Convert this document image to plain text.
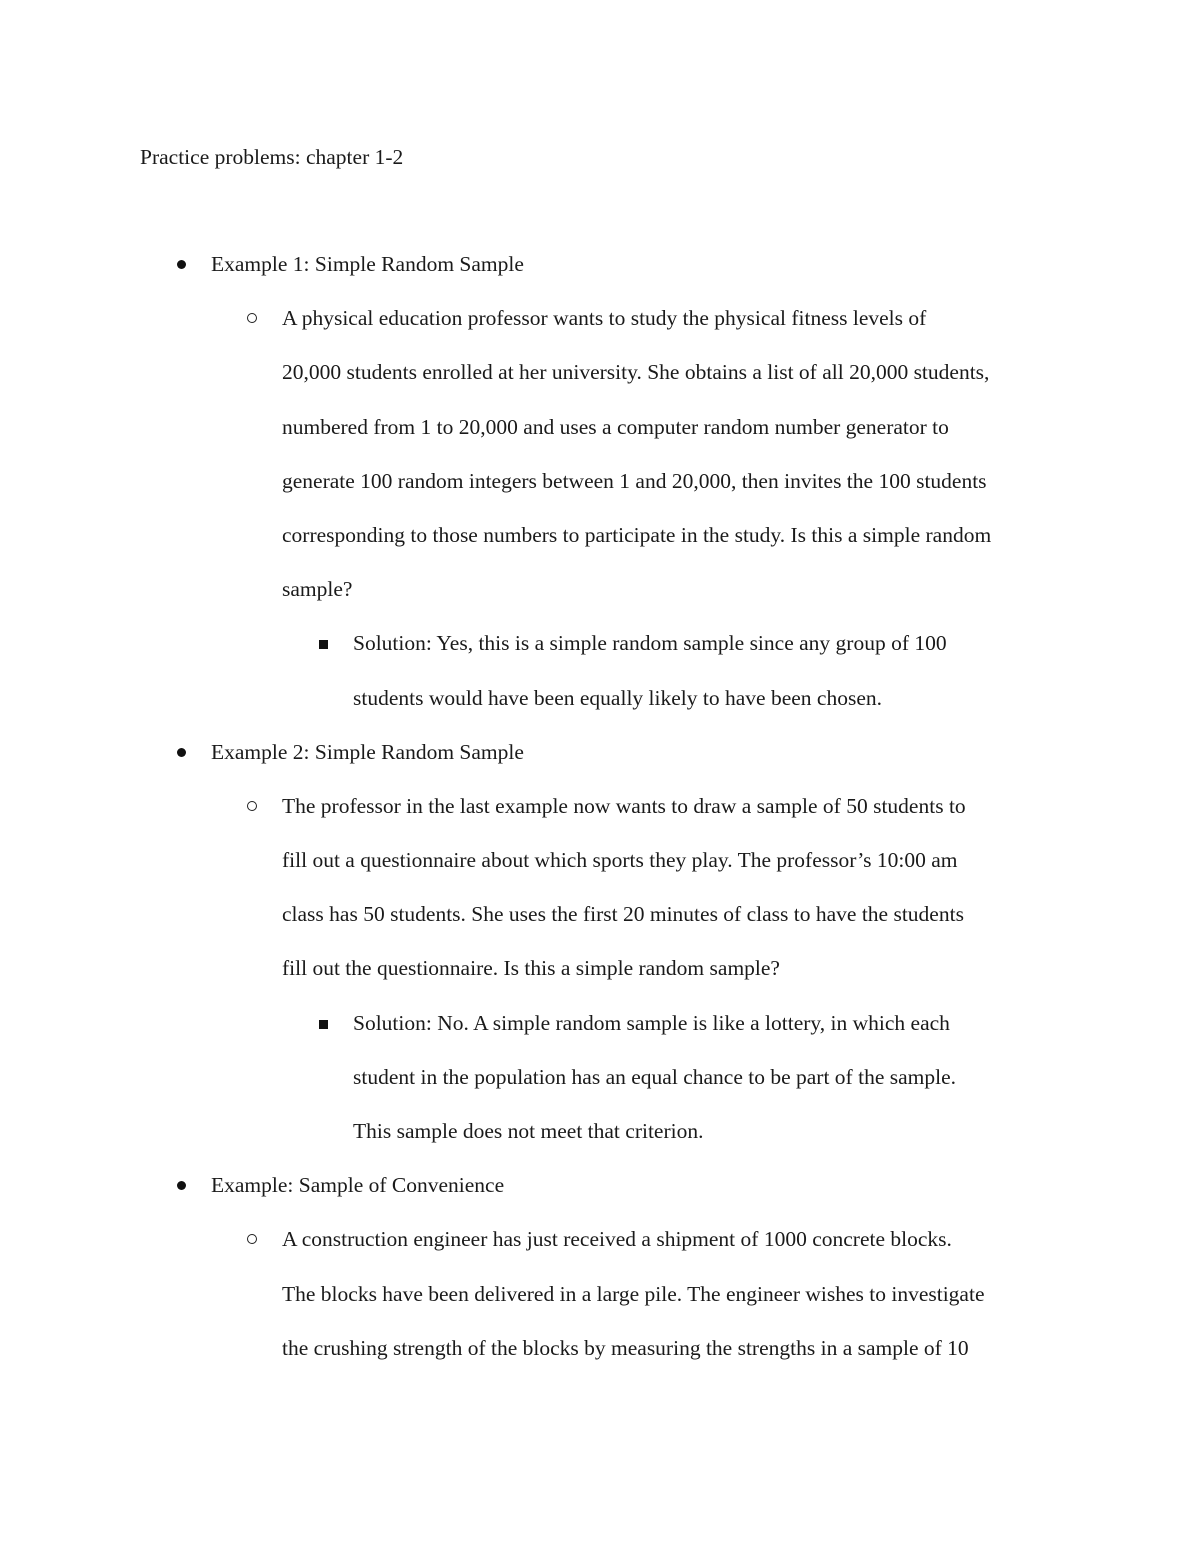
Practice problems: chapter 1-2
Example 1: Simple Random Sample
A physical education professor wants to study the physical fitness levels of
20,000 students enrolled at her university. She obtains a list of all 20,000 students,
numbered from 1 to 20,000 and uses a computer random number generator to
generate 100 random integers between 1 and 20,000, then invites the 100 students
corresponding to those numbers to participate in the study. Is this a simple random
sample?
Solution: Yes, this is a simple random sample since any group of 100
students would have been equally likely to have been chosen.
Example 2: Simple Random Sample
The professor in the last example now wants to draw a sample of 50 students to
fill out a questionnaire about which sports they play. The professor’s 10:00 am
class has 50 students. She uses the first 20 minutes of class to have the students
fill out the questionnaire. Is this a simple random sample?
Solution: No. A simple random sample is like a lottery, in which each
student in the population has an equal chance to be part of the sample.
This sample does not meet that criterion.
Example: Sample of Convenience
A construction engineer has just received a shipment of 1000 concrete blocks.
The blocks have been delivered in a large pile. The engineer wishes to investigate
the crushing strength of the blocks by measuring the strengths in a sample of 10
